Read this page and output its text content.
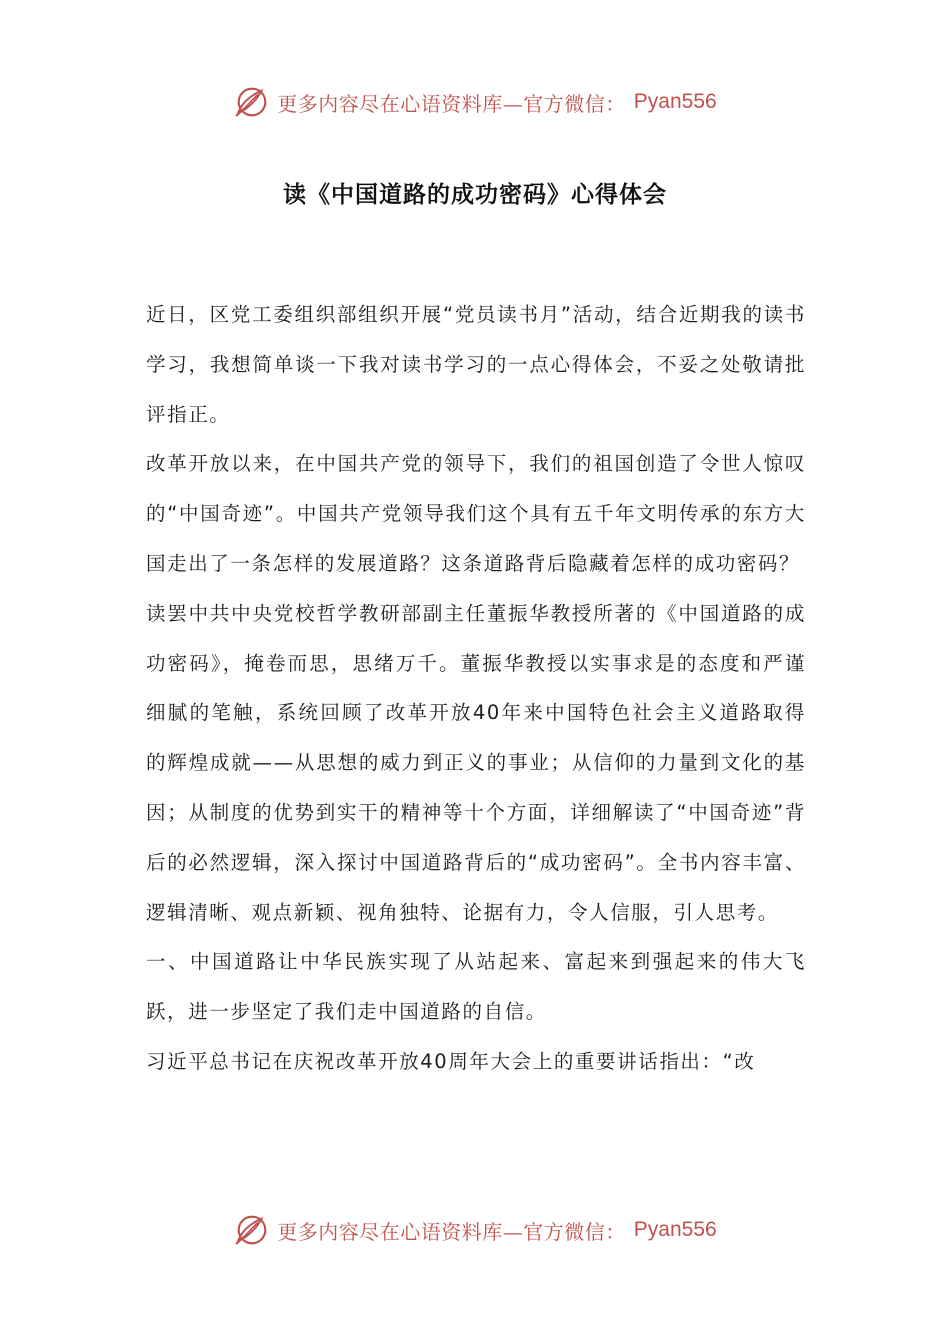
更多内容尽在心语资料库—官方微信： Pyan556
读《中国道路的成功密码》心得体会

近日，区党工委组织部组织开展“党员读书月”活动，结合近期我的读书学习，我想简单谈一下我对读书学习的一点心得体会，不妥之处敬请批评指正。

改革开放以来，在中国共产党的领导下，我们的祖国创造了令世人惊叹的“中国奇迹”。中国共产党领导我们这个具有五千年文明传承的东方大国走出了一条怎样的发展道路？这条道路背后隐藏着怎样的成功密码？

读罢中共中央党校哲学教研部副主任董振华教授所著的《中国道路的成功密码》，掩卷而思，思绪万千。董振华教授以实事求是的态度和严谨细腻的笔触，系统回顾了改革开放40年来中国特色社会主义道路取得的辉煌成就——从思想的威力到正义的事业；从信仰的力量到文化的基因；从制度的优势到实干的精神等十个方面，详细解读了“中国奇迹”背后的必然逻辑，深入探讨中国道路背后的“成功密码”。全书内容丰富、逻辑清晰、观点新颖、视角独特、论据有力，令人信服，引人思考。

一、中国道路让中华民族实现了从站起来、富起来到强起来的伟大飞跃，进一步坚定了我们走中国道路的自信。

习近平总书记在庆祝改革开放40周年大会上的重要讲话指出：“改

更多内容尽在心语资料库—官方微信： Pyan556
